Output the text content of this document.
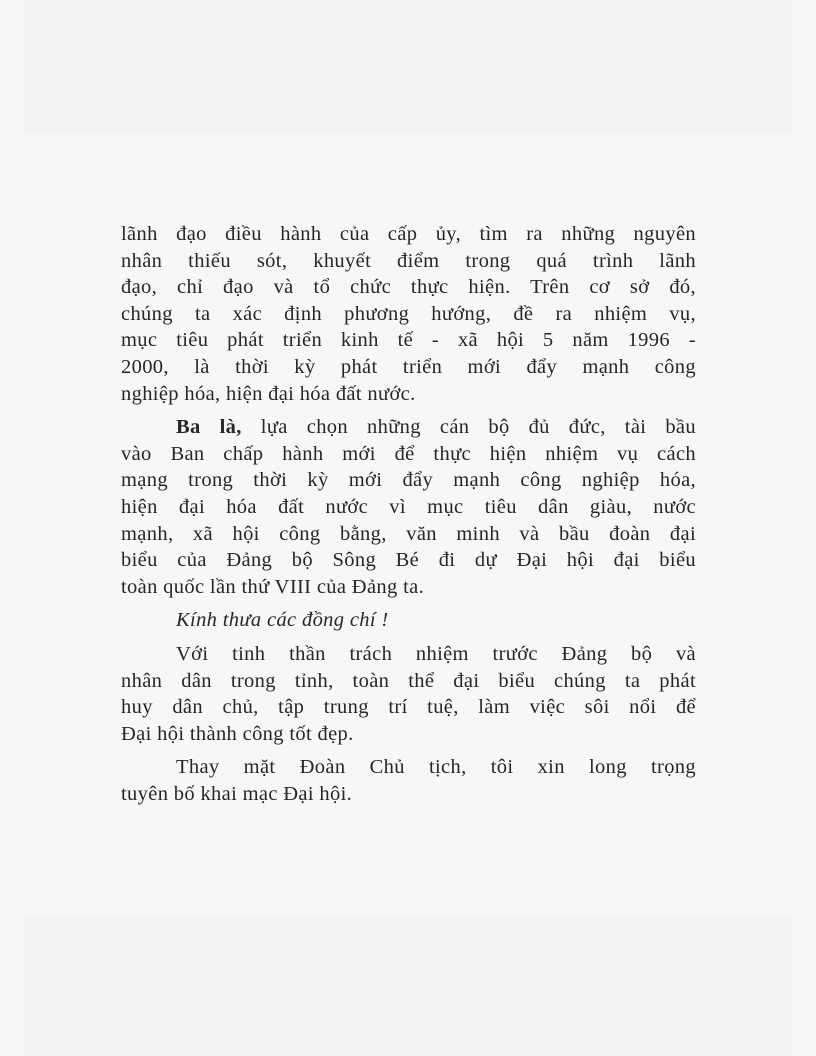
lãnh đạo điều hành của cấp ủy, tìm ra những nguyên
nhân thiếu sót, khuyết điểm trong quá trình lãnh
đạo, chỉ đạo và tổ chức thực hiện. Trên cơ sở đó,
chúng ta xác định phương hướng, đề ra nhiệm vụ,
mục tiêu phát triển kinh tế - xã hội 5 năm 1996 -
2000, là thời kỳ phát triển mới đẩy mạnh công
nghiệp hóa, hiện đại hóa đất nước.
Ba là, lựa chọn những cán bộ đủ đức, tài bầu
vào Ban chấp hành mới để thực hiện nhiệm vụ cách
mạng trong thời kỳ mới đẩy mạnh công nghiệp hóa,
hiện đại hóa đất nước vì mục tiêu dân giàu, nước
mạnh, xã hội công bằng, văn minh và bầu đoàn đại
biểu của Đảng bộ Sông Bé đi dự Đại hội đại biểu
toàn quốc lần thứ VIII của Đảng ta.
Kính thưa các đồng chí !
Với tinh thần trách nhiệm trước Đảng bộ và
nhân dân trong tỉnh, toàn thể đại biểu chúng ta phát
huy dân chủ, tập trung trí tuệ, làm việc sôi nổi để
Đại hội thành công tốt đẹp.
Thay mặt Đoàn Chủ tịch, tôi xin long trọng
tuyên bố khai mạc Đại hội.
